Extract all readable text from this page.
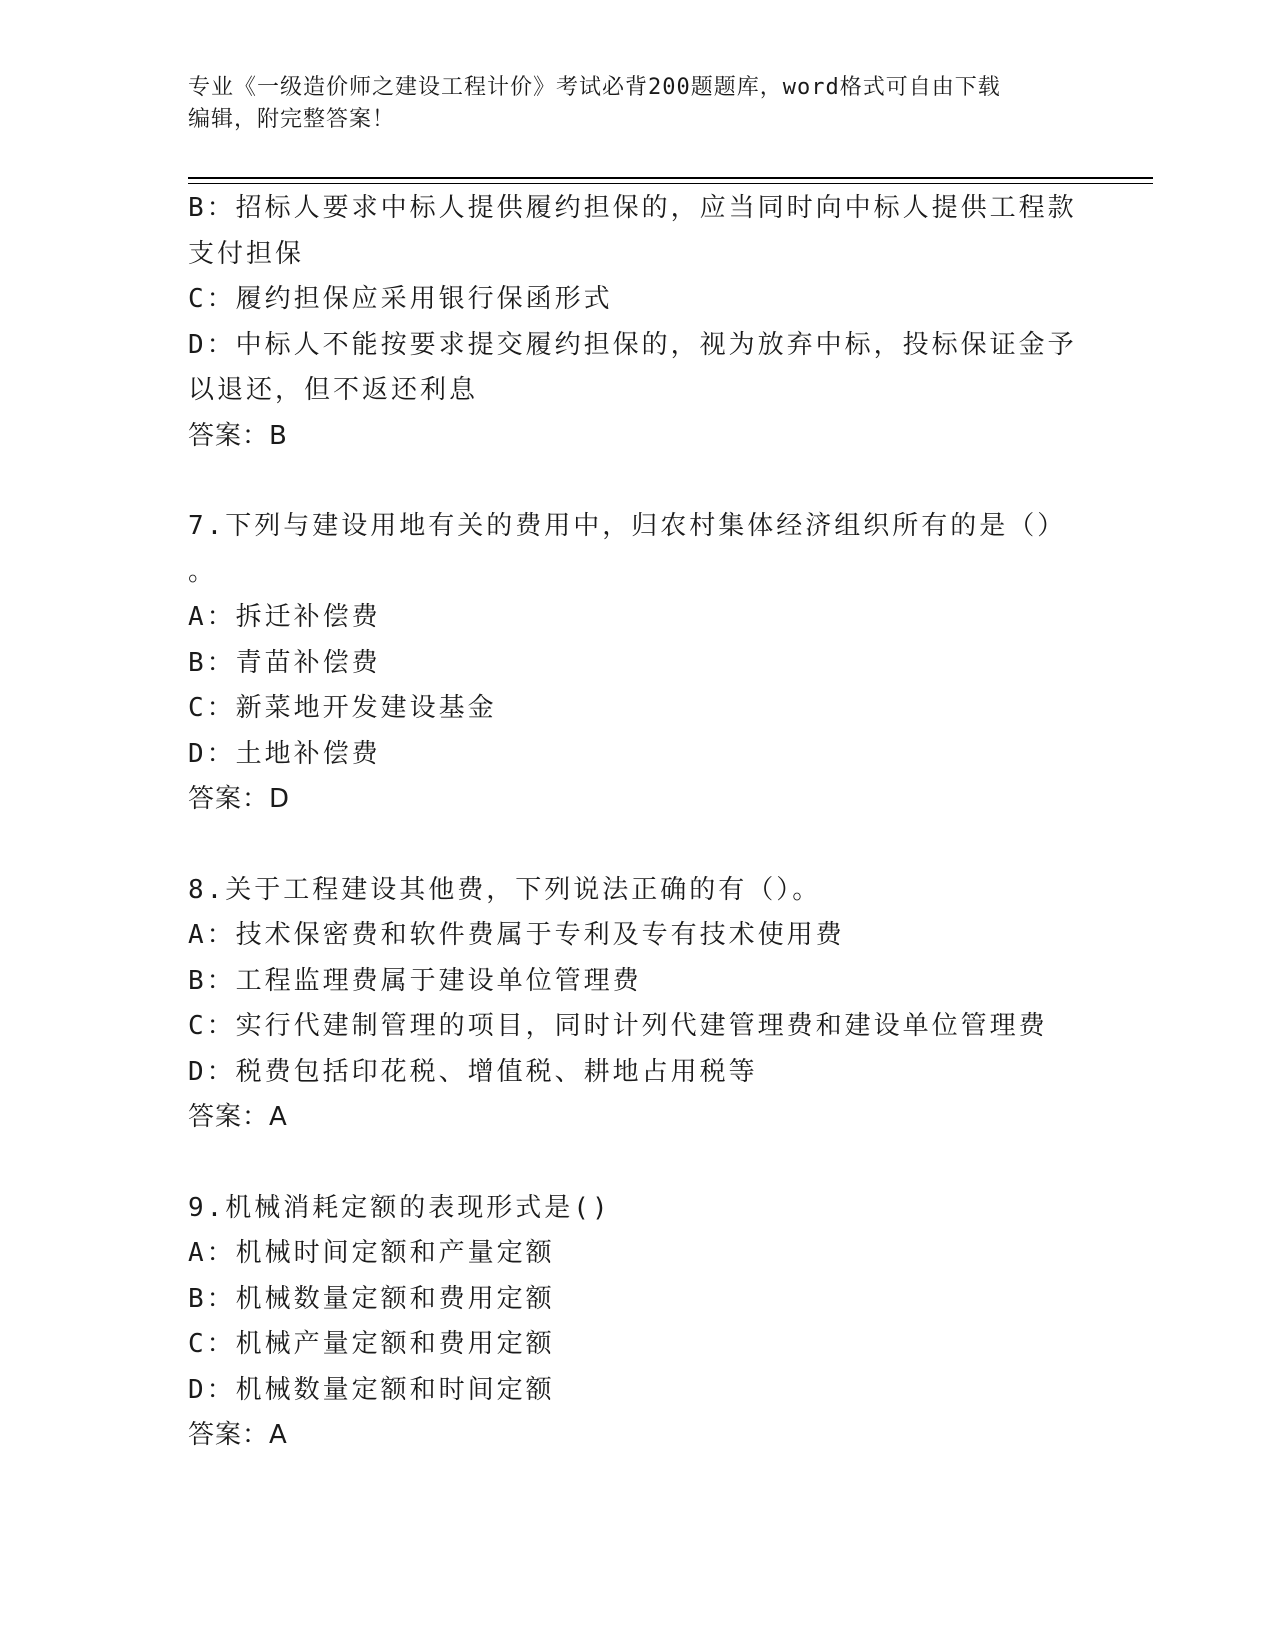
专业《一级造价师之建设工程计价》考试必背200题题库，word格式可自由下载
编辑，附完整答案！
B：招标人要求中标人提供履约担保的，应当同时向中标人提供工程款
支付担保
C：履约担保应采用银行保函形式
D：中标人不能按要求提交履约担保的，视为放弃中标，投标保证金予
以退还，但不返还利息
答案：B
7.下列与建设用地有关的费用中，归农村集体经济组织所有的是（）
。
A：拆迁补偿费
B：青苗补偿费
C：新菜地开发建设基金
D：土地补偿费
答案：D
8.关于工程建设其他费，下列说法正确的有（）。
A：技术保密费和软件费属于专利及专有技术使用费
B：工程监理费属于建设单位管理费
C：实行代建制管理的项目，同时计列代建管理费和建设单位管理费
D：税费包括印花税、增值税、耕地占用税等
答案：A
9.机械消耗定额的表现形式是()
A：机械时间定额和产量定额
B：机械数量定额和费用定额
C：机械产量定额和费用定额
D：机械数量定额和时间定额
答案：A
